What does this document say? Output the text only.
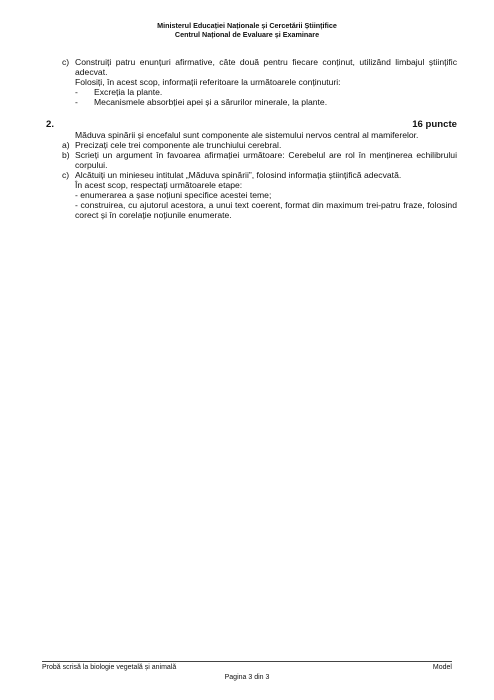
Ministerul Educației Naționale și Cercetării Științifice
Centrul Național de Evaluare și Examinare
c) Construiți patru enunțuri afirmative, câte două pentru fiecare conținut, utilizând limbajul științific adecvat.
Folosiți, în acest scop, informații referitoare la următoarele conținuturi:
-	Excreția la plante.
-	Mecanismele absorbției apei și a sărurilor minerale, la plante.
2.	16 puncte
Măduva spinării și encefalul sunt componente ale sistemului nervos central al mamiferelor.
a) Precizați cele trei componente ale trunchiului cerebral.
b) Scrieți un argument în favoarea afirmației următoare: Cerebelul are rol în menținerea echilibrului corpului.
c) Alcătuiți un minieseu intitulat „Măduva spinării”, folosind informația științifică adecvată.
În acest scop, respectați următoarele etape:
- enumerarea a șase noțiuni specifice acestei teme;
- construirea, cu ajutorul acestora, a unui text coerent, format din maximum trei-patru fraze, folosind corect și în corelație noțiunile enumerate.
Probă scrisă la biologie vegetală și animală	Model
Pagina 3 din 3
